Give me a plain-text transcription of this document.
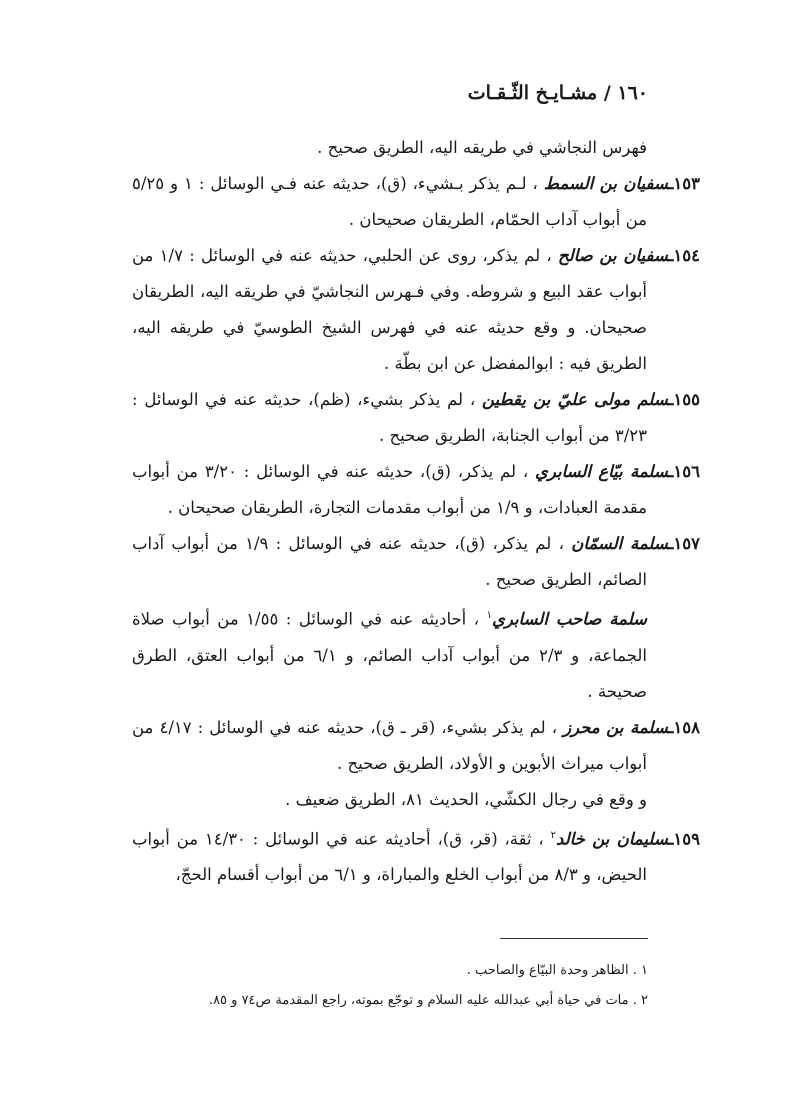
١٦٠ / مشـايـخ الثّـقـات

فهرس النجاشي في طريقه اليه، الطريق صحيح .

١٥٣ـسفيان بن السمط ، لـم يذكر بـشيء، (ق)، حديثه عنه فـي الوسائل : ١ و ٥/٢٥ من أبواب آداب الحمّام، الطريقان صحيحان .

١٥٤ـسفيان بن صالح ، لم يذكر، روى عن الحلبي، حديثه عنه في الوسائل : ١/٧ من أبواب عقد البيع و شروطه. وفي فـهرس النجاشيّ في طريقه اليه، الطريقان صحيحان. و وقع حديثه عنه في فهرس الشيخ الطوسيّ في طريقه اليه، الطريق فيه : ابوالمفضل عن ابن بطّة .

١٥٥ـسلم مولى عليّ بن يقطين ، لم يذكر بشيء، (ظم)، حديثه عنه في الوسائل : ٣/٢٣ من أبواب الجنابة، الطريق صحيح .

١٥٦ـسلمة بيّاع السابري ، لم يذكر، (ق)، حديثه عنه في الوسائل : ٣/٢٠ من أبواب مقدمة العبادات، و ١/٩ من أبواب مقدمات التجارة، الطريقان صحيحان .

١٥٧ـسلمة السمّان ، لم يذكر، (ق)، حديثه عنه في الوسائل : ١/٩ من أبواب آداب الصائم، الطريق صحيح .

سلمة صاحب السابري$^١$ ، أحاديثه عنه في الوسائل : ١/٥٥ من أبواب صلاة الجماعة، و ٢/٣ من أبواب آداب الصائم، و ٦/١ من أبواب العتق، الطرق صحيحة .

١٥٨ـسلمة بن محرز ، لم يذكر بشيء، (قر ـ ق)، حديثه عنه في الوسائل : ٤/١٧ من أبواب ميراث الأبوين و الأولاد، الطريق صحيح .

و وقع في رجال الكشّي، الحديث ٨١، الطريق ضعيف .

١٥٩ـسليمان بن خالد$^٢$ ، ثقة، (قر، ق)، أحاديثه عنه في الوسائل : ١٤/٣٠ من أبواب الحيض، و ٨/٣ من أبواب الخلع والمباراة، و ٦/١ من أبواب أقسام الحجّ،

١ . الظاهر وحدة البيّاع والصاحب .
٢ . مات في حياة أبي عبدالله عليه السلام و توجّع بموته، راجع المقدمة ص٧٤ و ٨٥.
